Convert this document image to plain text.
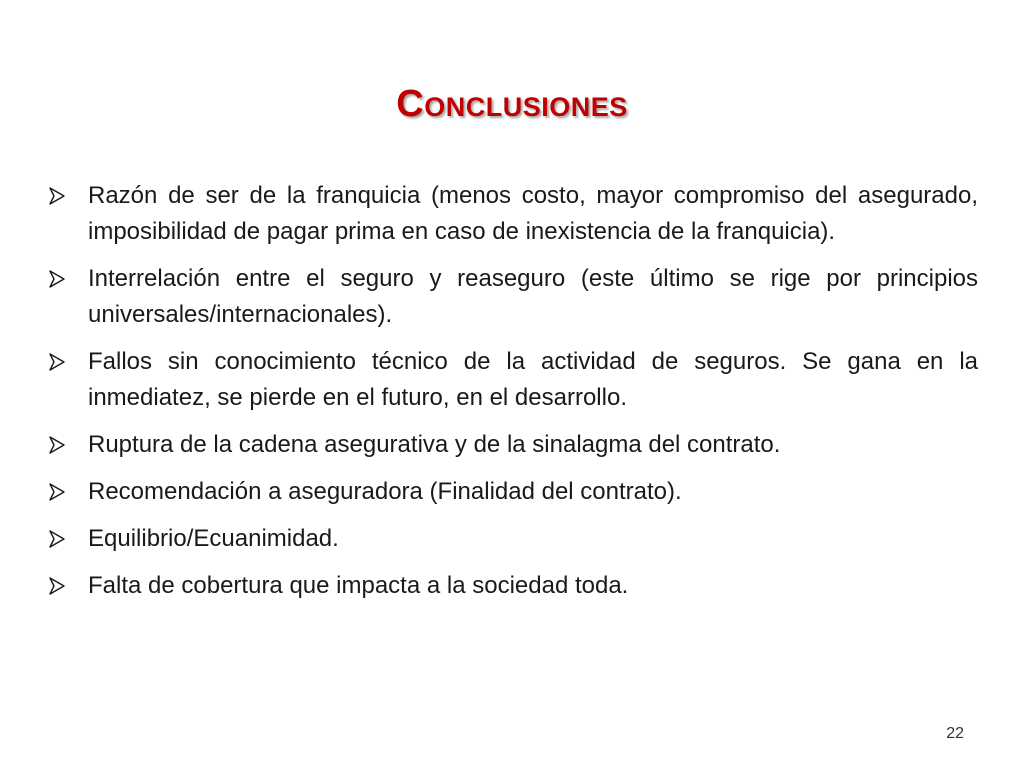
Conclusiones
Razón de ser de la franquicia (menos costo, mayor compromiso del asegurado, imposibilidad de pagar prima en caso de inexistencia de la franquicia).
Interrelación entre el seguro y reaseguro (este último se rige por principios universales/internacionales).
Fallos sin conocimiento técnico de la actividad de seguros. Se gana en la inmediatez, se pierde en el futuro, en el desarrollo.
Ruptura de la cadena asegurativa y de la sinalagma del contrato.
Recomendación a aseguradora (Finalidad del contrato).
Equilibrio/Ecuanimidad.
Falta de cobertura que impacta a la sociedad toda.
22
